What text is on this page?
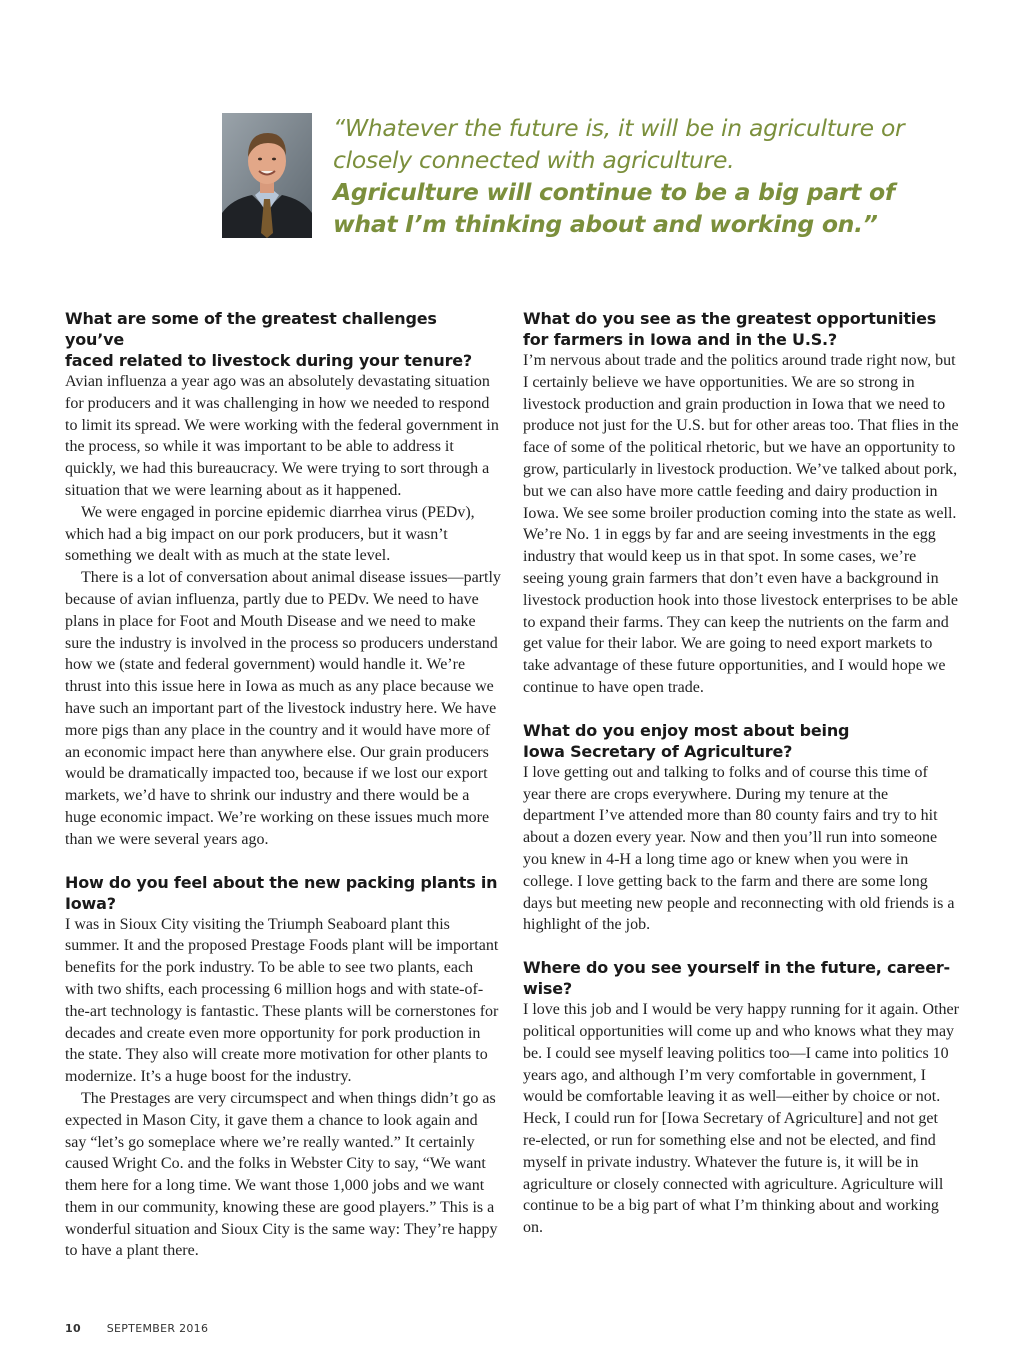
“Whatever the future is, it will be in agriculture or closely connected with agriculture.
Agriculture will continue to be a big part of what I’m thinking about and working on.”

What are some of the greatest challenges you’ve
faced related to livestock during your tenure?

Avian influenza a year ago was an absolutely devastating situation for producers and it was challenging in how we needed to respond to limit its spread. We were working with the federal government in the process, so while it was important to be able to address it quickly, we had this bureaucracy. We were trying to sort through a situation that we were learning about as it happened.

We were engaged in porcine epidemic diarrhea virus (PEDv), which had a big impact on our pork producers, but it wasn’t something we dealt with as much at the state level.

There is a lot of conversation about animal disease issues—partly because of avian influenza, partly due to PEDv. We need to have plans in place for Foot and Mouth Disease and we need to make sure the industry is involved in the process so producers understand how we (state and federal government) would handle it. We’re thrust into this issue here in Iowa as much as any place because we have such an important part of the livestock industry here. We have more pigs than any place in the country and it would have more of an economic impact here than anywhere else. Our grain producers would be dramatically impacted too, because if we lost our export markets, we’d have to shrink our industry and there would be a huge economic impact. We’re working on these issues much more than we were several years ago.

How do you feel about the new packing plants in Iowa?

I was in Sioux City visiting the Triumph Seaboard plant this summer. It and the proposed Prestage Foods plant will be important benefits for the pork industry. To be able to see two plants, each with two shifts, each processing 6 million hogs and with state-of-the-art technology is fantastic. These plants will be cornerstones for decades and create even more opportunity for pork production in the state. They also will create more motivation for other plants to modernize. It’s a huge boost for the industry.

The Prestages are very circumspect and when things didn’t go as expected in Mason City, it gave them a chance to look again and say “let’s go someplace where we’re really wanted.” It certainly caused Wright Co. and the folks in Webster City to say, “We want them here for a long time. We want those 1,000 jobs and we want them in our community, knowing these are good players.” This is a wonderful situation and Sioux City is the same way: They’re happy to have a plant there.

What do you see as the greatest opportunities
for farmers in Iowa and in the U.S.?

I’m nervous about trade and the politics around trade right now, but I certainly believe we have opportunities. We are so strong in livestock production and grain production in Iowa that we need to produce not just for the U.S. but for other areas too. That flies in the face of some of the political rhetoric, but we have an opportunity to grow, particularly in livestock production. We’ve talked about pork, but we can also have more cattle feeding and dairy production in Iowa. We see some broiler production coming into the state as well. We’re No. 1 in eggs by far and are seeing investments in the egg industry that would keep us in that spot. In some cases, we’re seeing young grain farmers that don’t even have a background in livestock production hook into those livestock enterprises to be able to expand their farms. They can keep the nutrients on the farm and get value for their labor. We are going to need export markets to take advantage of these future opportunities, and I would hope we continue to have open trade.

What do you enjoy most about being
Iowa Secretary of Agriculture?

I love getting out and talking to folks and of course this time of year there are crops everywhere. During my tenure at the department I’ve attended more than 80 county fairs and try to hit about a dozen every year. Now and then you’ll run into someone you knew in 4-H a long time ago or knew when you were in college. I love getting back to the farm and there are some long days but meeting new people and reconnecting with old friends is a highlight of the job.

Where do you see yourself in the future, career-wise?

I love this job and I would be very happy running for it again. Other political opportunities will come up and who knows what they may be. I could see myself leaving politics too—I came into politics 10 years ago, and although I’m very comfortable in government, I would be comfortable leaving it as well—either by choice or not. Heck, I could run for [Iowa Secretary of Agriculture] and not get re-elected, or run for something else and not be elected, and find myself in private industry. Whatever the future is, it will be in agriculture or closely connected with agriculture. Agriculture will continue to be a big part of what I’m thinking about and working on.

10 SEPTEMBER 2016
